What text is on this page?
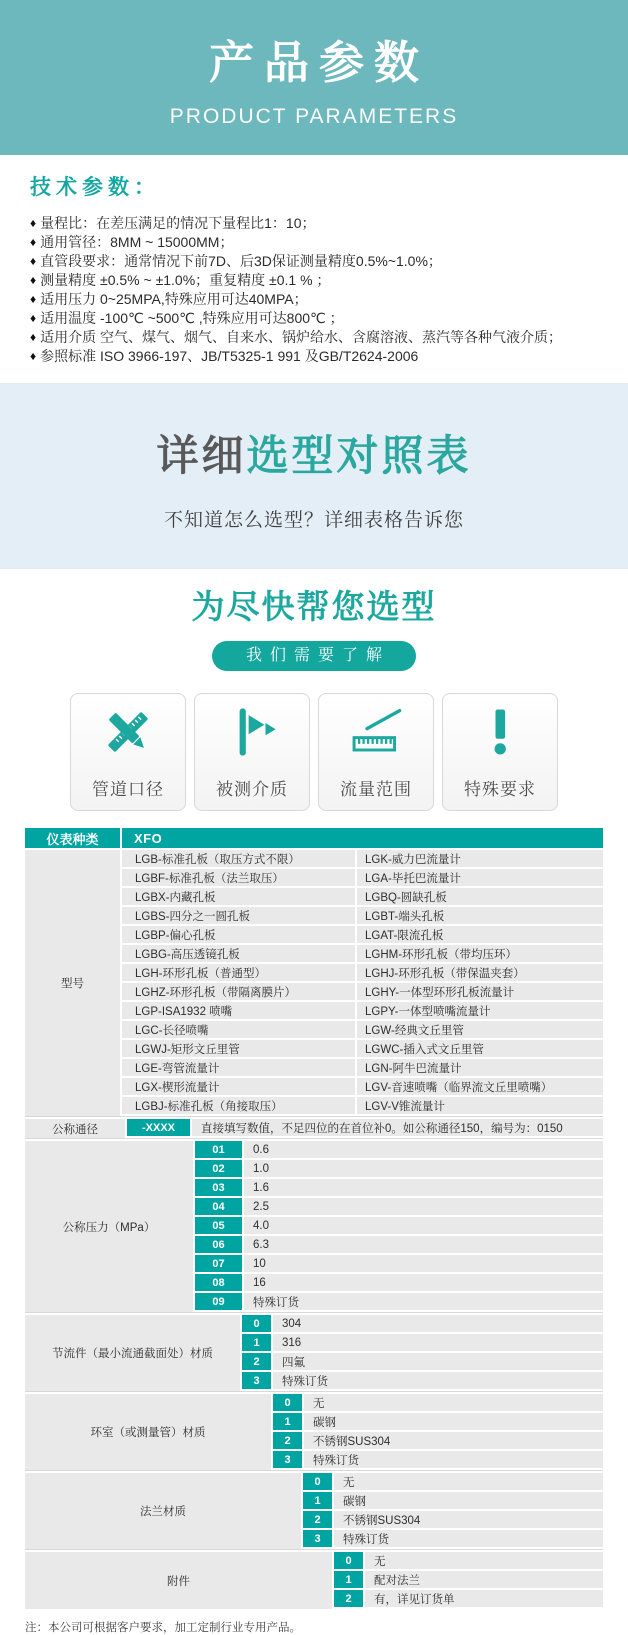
产品参数
PRODUCT PARAMETERS
技术参数：
♦ 量程比：在差压满足的情况下量程比1：10；
♦ 通用管径：8MM ~ 15000MM；
♦ 直管段要求：通常情况下前7D、后3D保证测量精度0.5%~1.0%；
♦ 测量精度 ±0.5% ~ ±1.0%；重复精度 ±0.1 % ；
♦ 适用压力 0~25MPA,特殊应用可达40MPA；
♦ 适用温度 -100℃ ~500℃ ,特殊应用可达800℃ ；
♦ 适用介质 空气、煤气、烟气、自来水、锅炉给水、含腐溶液、蒸汽等各种气液介质；
♦ 参照标准 ISO 3966-197、JB/T5325-1 991 及GB/T2624-2006
详细选型对照表
不知道怎么选型？详细表格告诉您
为尽快帮您选型
我们需要了解
管道口径	被测介质	流量范围	特殊要求
仪表种类	XFO
型号
LGB-标准孔板（取压方式不限）	LGK-威力巴流量计
LGBF-标准孔板（法兰取压）	LGA-毕托巴流量计
LGBX-内藏孔板	LGBQ-圆缺孔板
LGBS-四分之一圆孔板	LGBT-端头孔板
LGBP-偏心孔板	LGAT-限流孔板
LGBG-高压透镜孔板	LGHM-环形孔板（带均压环）
LGH-环形孔板（普通型）	LGHJ-环形孔板（带保温夹套）
LGHZ-环形孔板（带隔离膜片）	LGHY-一体型环形孔板流量计
LGP-ISA1932 喷嘴	LGPY-一体型喷嘴流量计
LGC-长径喷嘴	LGW-经典文丘里管
LGWJ-矩形文丘里管	LGWC-插入式文丘里管
LGE-弯管流量计	LGN-阿牛巴流量计
LGX-楔形流量计	LGV-音速喷嘴（临界流文丘里喷嘴）
LGBJ-标准孔板（角接取压）	LGV-V锥流量计
公称通径	-XXXX	直接填写数值，不足四位的在首位补0。如公称通径150，编号为：0150
公称压力（MPa）
01	0.6
02	1.0
03	1.6
04	2.5
05	4.0
06	6.3
07	10
08	16
09	特殊订货
节流件（最小流通截面处）材质
0	304
1	316
2	四氟
3	特殊订货
环室（或测量管）材质
0	无
1	碳钢
2	不锈钢SUS304
3	特殊订货
法兰材质
0	无
1	碳钢
2	不锈钢SUS304
3	特殊订货
附件
0	无
1	配对法兰
2	有，详见订货单
注：本公司可根据客户要求，加工定制行业专用产品。
